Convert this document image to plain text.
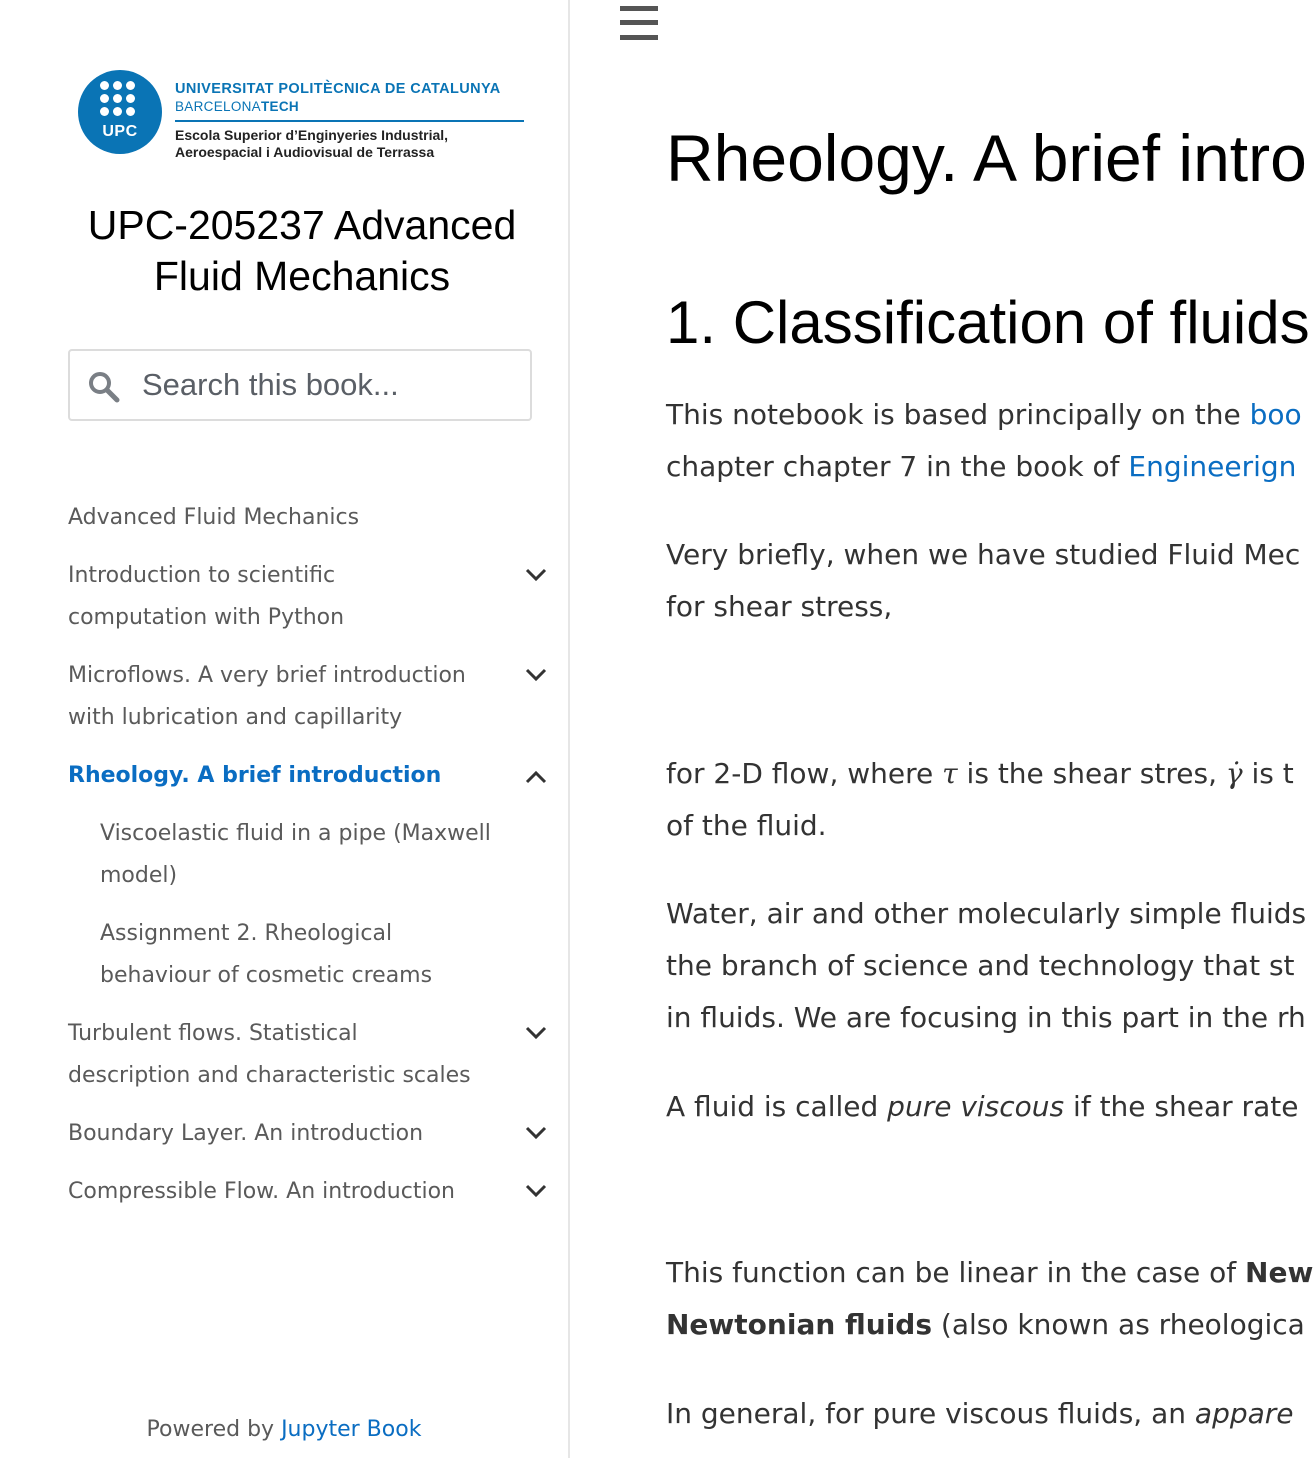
UPC
UNIVERSITAT POLITÈCNICA DE CATALUNYA
BARCELONATECH
Escola Superior d’Enginyeries Industrial,
Aeroespacial i Audiovisual de Terrassa
UPC-205237 Advanced
Fluid Mechanics
Search this book...
Advanced Fluid Mechanics
Introduction to scientific
computation with Python
Microflows. A very brief introduction
with lubrication and capillarity
Rheology. A brief introduction
Viscoelastic fluid in a pipe (Maxwell
model)
Assignment 2. Rheological
behaviour of cosmetic creams
Turbulent flows. Statistical
description and characteristic scales
Boundary Layer. An introduction
Compressible Flow. An introduction
Powered by Jupyter Book
Rheology. A brief intro
1. Classification of fluids
This notebook is based principally on the boo
chapter chapter 7 in the book of Engineerign
Very briefly, when we have studied Fluid Mec
for shear stress,
for 2-D flow, where τ is the shear stres, γ̇ is t
of the fluid.
Water, air and other molecularly simple fluids
the branch of science and technology that st
in fluids. We are focusing in this part in the rh
A fluid is called pure viscous if the shear rate
This function can be linear in the case of New
Newtonian fluids (also known as rheologica
In general, for pure viscous fluids, an appare
